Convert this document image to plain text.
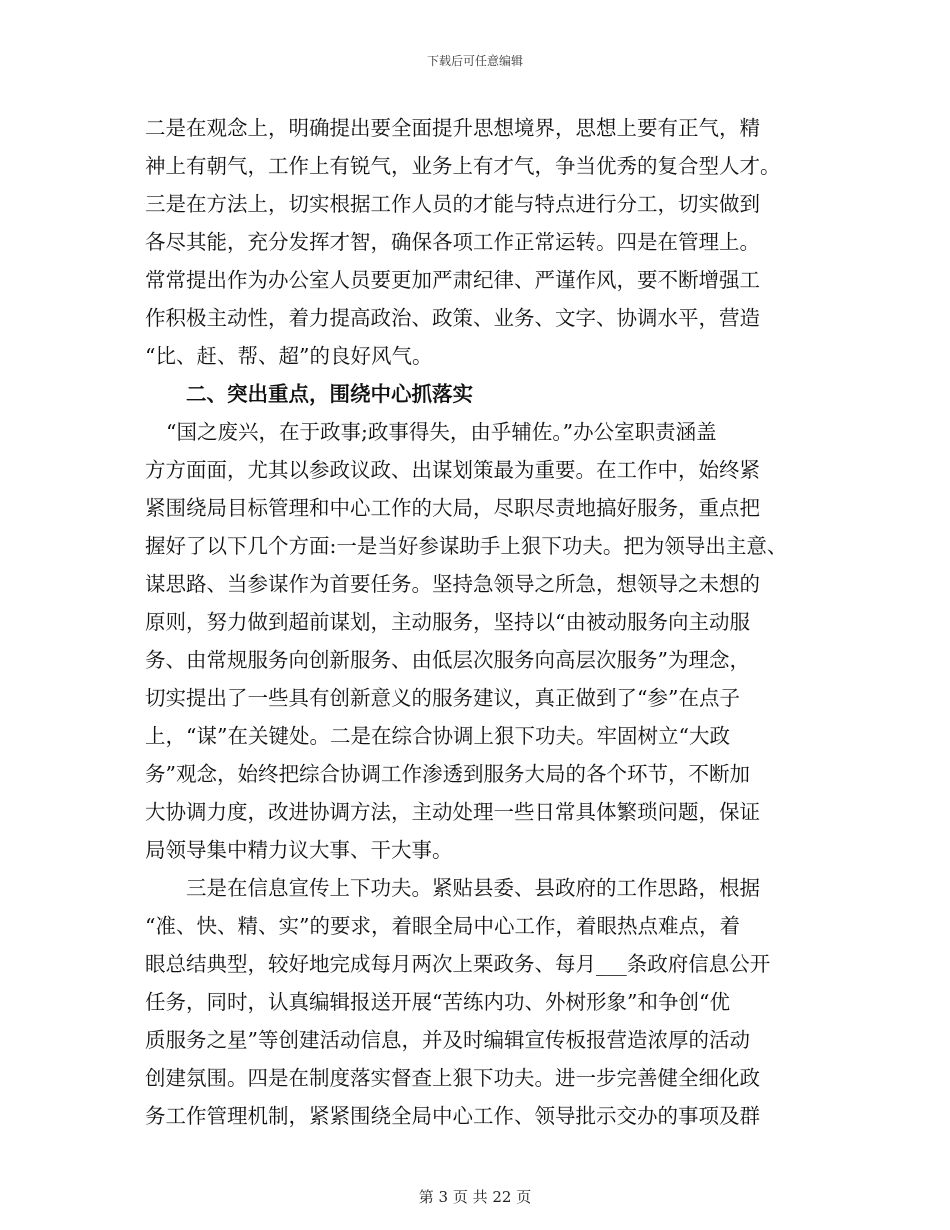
下载后可任意编辑
二是在观念上，明确提出要全面提升思想境界，思想上要有正气，精
神上有朝气，工作上有锐气，业务上有才气，争当优秀的复合型人才。
三是在方法上，切实根据工作人员的才能与特点进行分工，切实做到
各尽其能，充分发挥才智，确保各项工作正常运转。四是在管理上。
常常提出作为办公室人员要更加严肃纪律、严谨作风，要不断增强工
作积极主动性，着力提高政治、政策、业务、文字、协调水平，营造
“比、赶、帮、超”的良好风气。
二、突出重点，围绕中心抓落实
“国之废兴，在于政事;政事得失，由乎辅佐。”办公室职责涵盖
方方面面，尤其以参政议政、出谋划策最为重要。在工作中，始终紧
紧围绕局目标管理和中心工作的大局，尽职尽责地搞好服务，重点把
握好了以下几个方面:一是当好参谋助手上狠下功夫。把为领导出主意、
谋思路、当参谋作为首要任务。坚持急领导之所急，想领导之未想的
原则，努力做到超前谋划，主动服务，坚持以“由被动服务向主动服
务、由常规服务向创新服务、由低层次服务向高层次服务”为理念，
切实提出了一些具有创新意义的服务建议，真正做到了“参”在点子
上，“谋”在关键处。二是在综合协调上狠下功夫。牢固树立“大政
务”观念，始终把综合协调工作渗透到服务大局的各个环节，不断加
大协调力度，改进协调方法，主动处理一些日常具体繁琐问题，保证
局领导集中精力议大事、干大事。
三是在信息宣传上下功夫。紧贴县委、县政府的工作思路，根据
“准、快、精、实”的要求，着眼全局中心工作，着眼热点难点，着
眼总结典型，较好地完成每月两次上栗政务、每月___条政府信息公开
任务，同时，认真编辑报送开展“苦练内功、外树形象”和争创“优
质服务之星”等创建活动信息，并及时编辑宣传板报营造浓厚的活动
创建氛围。四是在制度落实督查上狠下功夫。进一步完善健全细化政
务工作管理机制，紧紧围绕全局中心工作、领导批示交办的事项及群
第 3 页 共 22 页
